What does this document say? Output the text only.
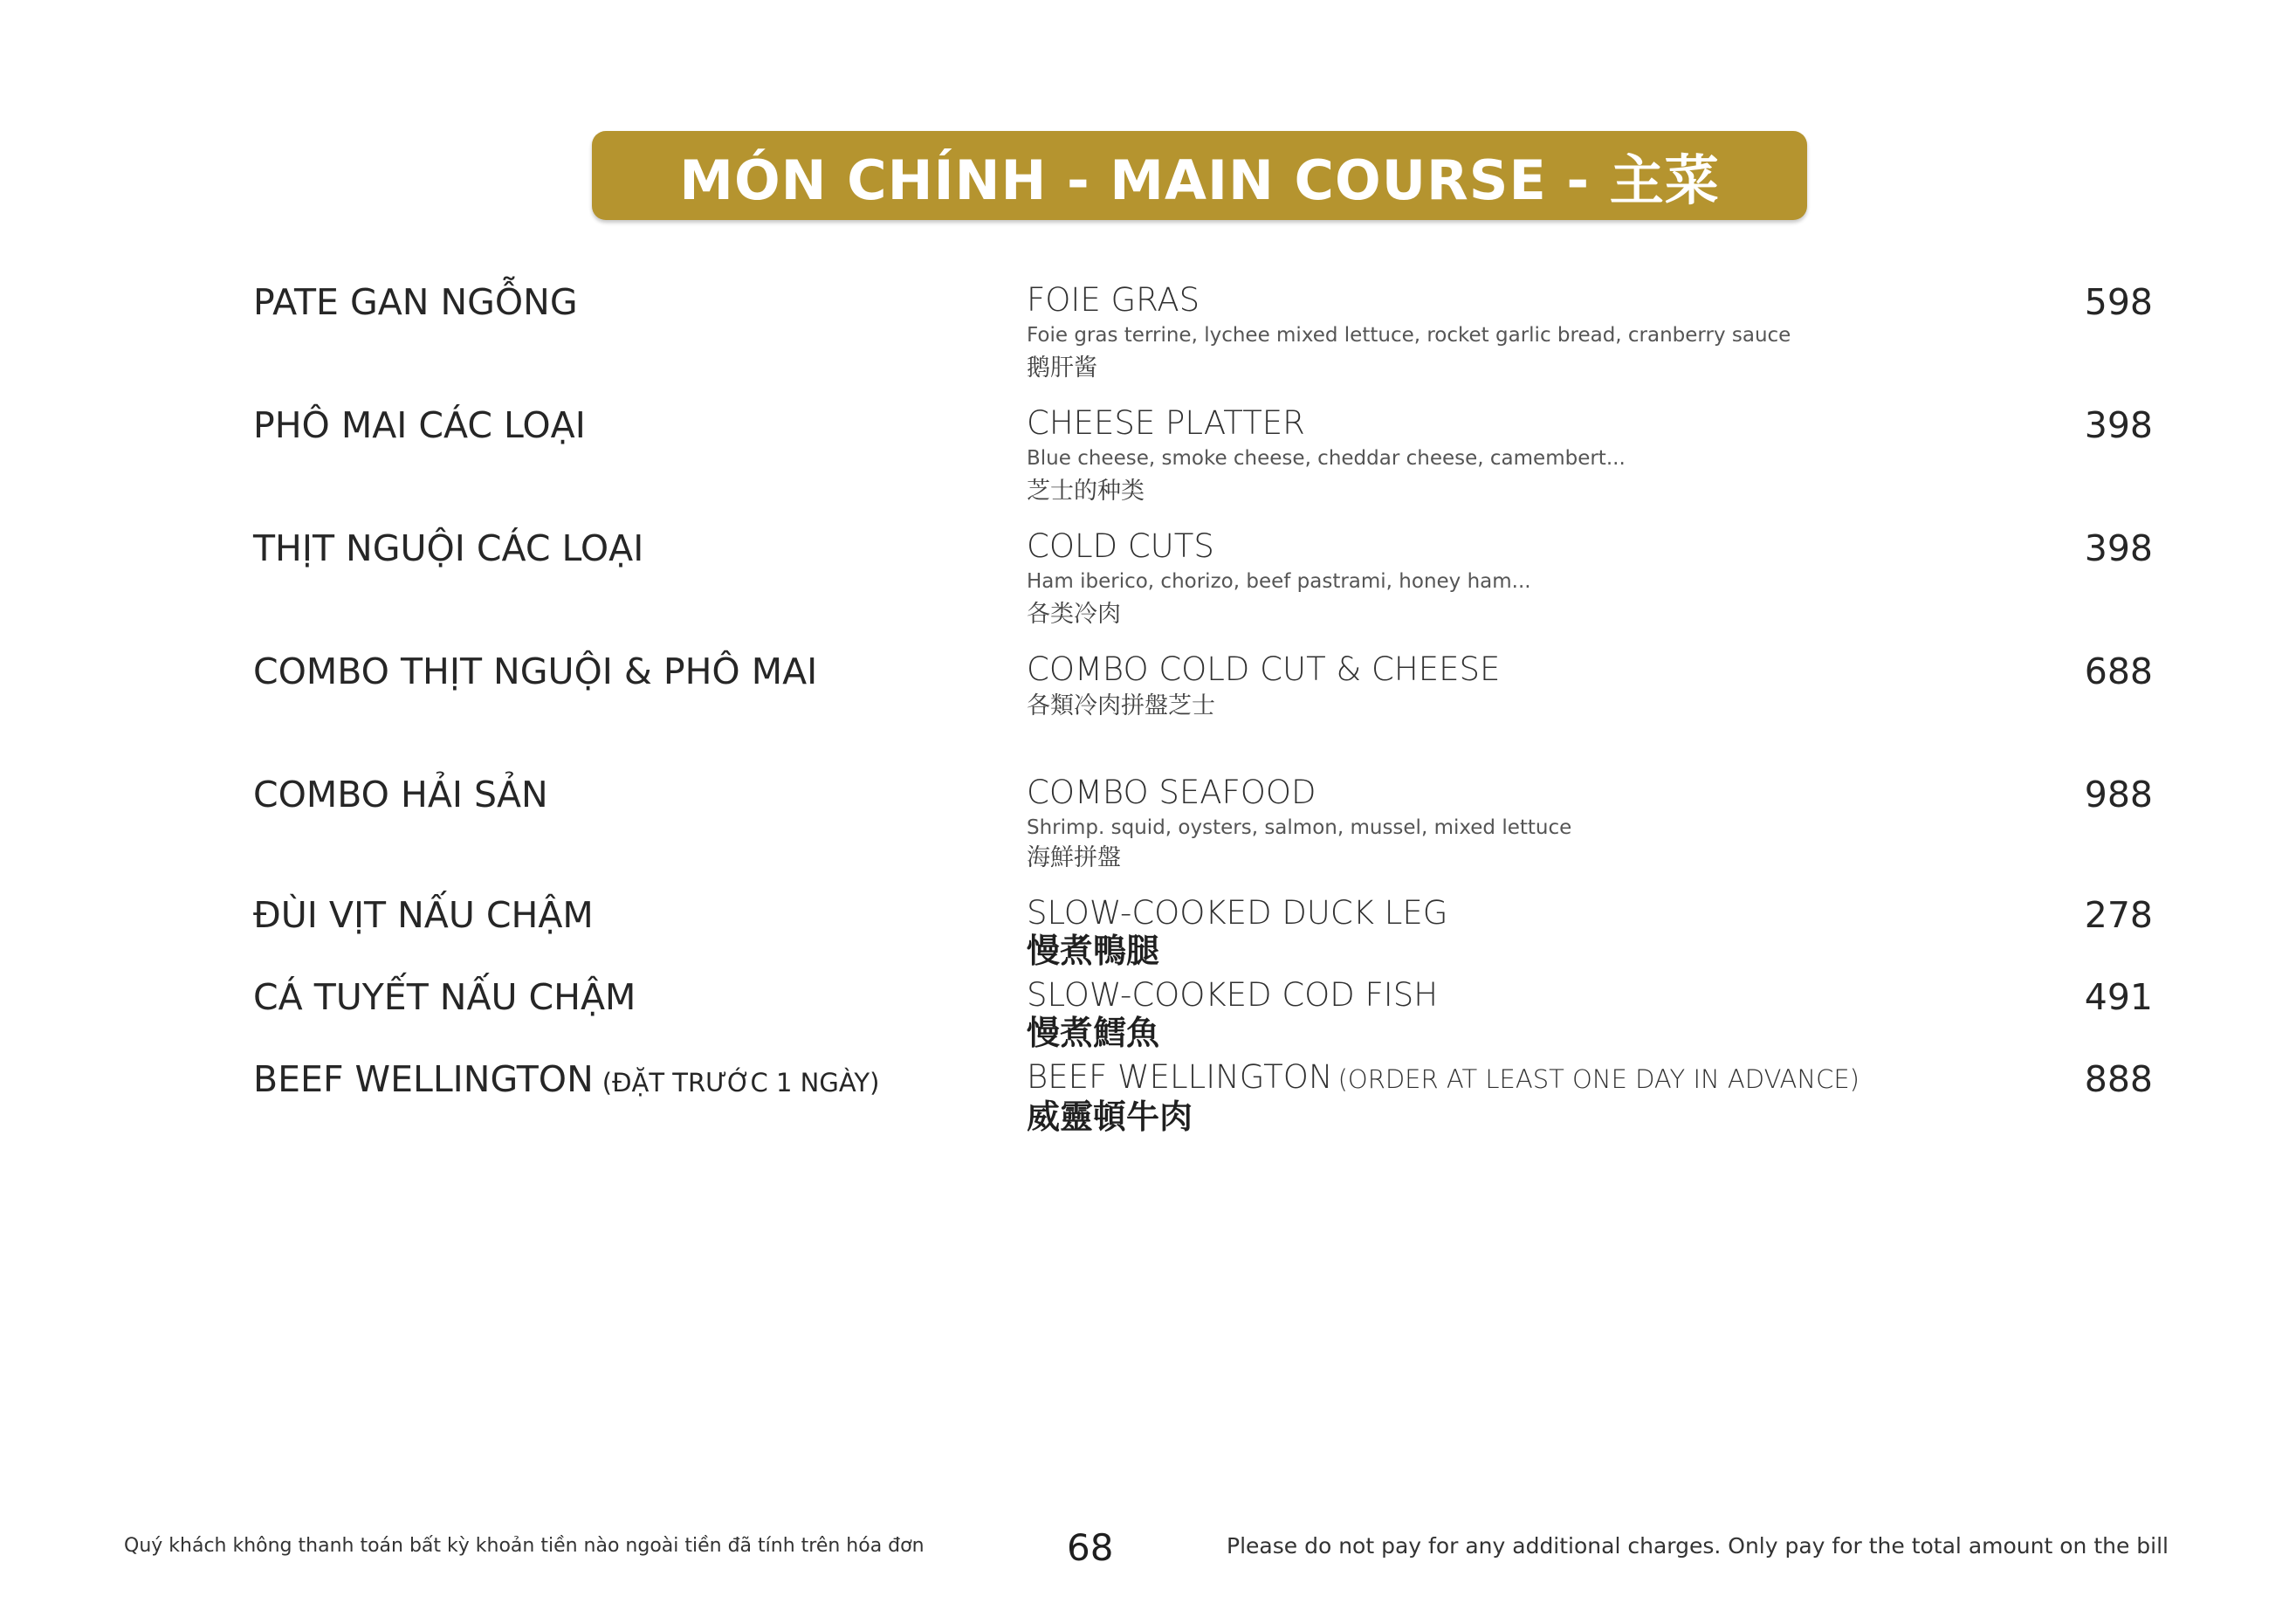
MÓN CHÍNH - MAIN COURSE - 主菜
PATE GAN NGỖNG	FOIE GRAS
Foie gras terrine, lychee mixed lettuce, rocket garlic bread, cranberry sauce
鹅肝酱
598
PHÔ MAI CÁC LOẠI	CHEESE PLATTER
Blue cheese, smoke cheese, cheddar cheese, camembert...
芝士的种类
398
THỊT NGUỘI CÁC LOẠI	COLD CUTS
Ham iberico, chorizo, beef pastrami, honey ham...
各类冷肉
398
COMBO THỊT NGUỘI & PHÔ MAI	COMBO COLD CUT & CHEESE
各類冷肉拼盤芝士
688
COMBO HẢI SẢN	COMBO SEAFOOD
Shrimp. squid, oysters, salmon, mussel, mixed lettuce
海鮮拼盤
988
ĐÙI VỊT NẤU CHẬM	SLOW-COOKED DUCK LEG
慢煮鴨腿
278
CÁ TUYẾT NẤU CHẬM	SLOW-COOKED COD FISH
慢煮鱈魚
491
BEEF WELLINGTON (ĐẶT TRƯỚC 1 NGÀY)	BEEF WELLINGTON (ORDER AT LEAST ONE DAY IN ADVANCE)
威靈頓牛肉
888
Quý khách không thanh toán bất kỳ khoản tiền nào ngoài tiền đã tính trên hóa đơn	68	Please do not pay for any additional charges. Only pay for the total amount on the bill
